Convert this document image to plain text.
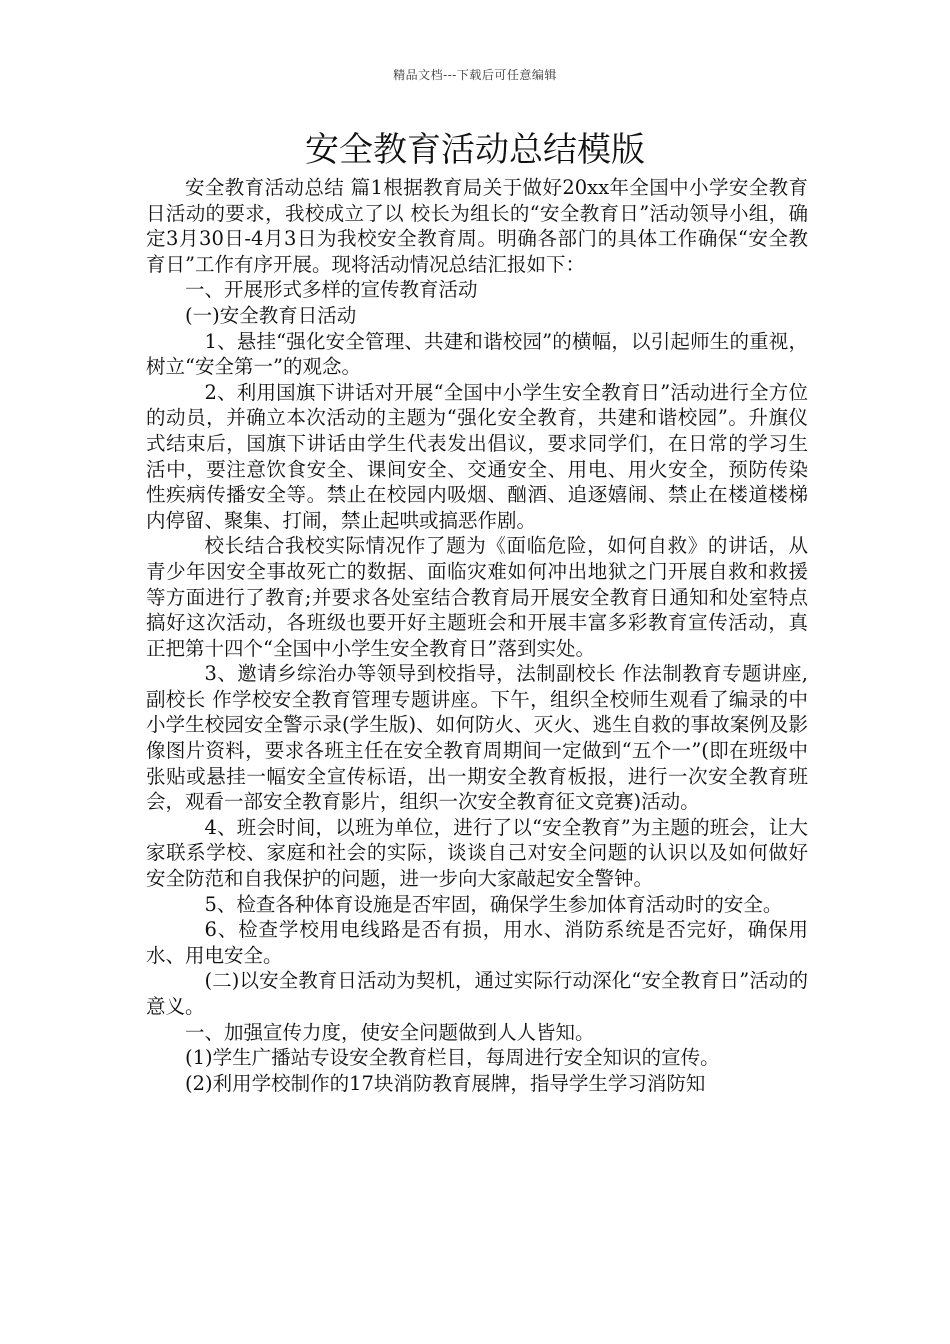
精品文档---下载后可任意编辑
安全教育活动总结模版

安全教育活动总结 篇1根据教育局关于做好20xx年全国中小学安全教育日活动的要求，我校成立了以 校长为组长的“安全教育日”活动领导小组，确定3月30日-4月3日为我校安全教育周。明确各部门的具体工作确保“安全教育日”工作有序开展。现将活动情况总结汇报如下：

一、开展形式多样的宣传教育活动

(一)安全教育日活动

1、悬挂“强化安全管理、共建和谐校园”的横幅，以引起师生的重视，树立“安全第一”的观念。

2、利用国旗下讲话对开展“全国中小学生安全教育日”活动进行全方位的动员，并确立本次活动的主题为“强化安全教育，共建和谐校园”。升旗仪式结束后，国旗下讲话由学生代表发出倡议，要求同学们，在日常的学习生活中，要注意饮食安全、课间安全、交通安全、用电、用火安全，预防传染性疾病传播安全等。禁止在校园内吸烟、酗酒、追逐嬉闹、禁止在楼道楼梯内停留、聚集、打闹，禁止起哄或搞恶作剧。

校长结合我校实际情况作了题为《面临危险，如何自救》的讲话，从青少年因安全事故死亡的数据、面临灾难如何冲出地狱之门开展自救和救援等方面进行了教育;并要求各处室结合教育局开展安全教育日通知和处室特点搞好这次活动，各班级也要开好主题班会和开展丰富多彩教育宣传活动，真正把第十四个“全国中小学生安全教育日”落到实处。

3、邀请乡综治办等领导到校指导，法制副校长 作法制教育专题讲座,副校长 作学校安全教育管理专题讲座。下午，组织全校师生观看了编录的中小学生校园安全警示录(学生版)、如何防火、灭火、逃生自救的事故案例及影像图片资料，要求各班主任在安全教育周期间一定做到“五个一”(即在班级中张贴或悬挂一幅安全宣传标语，出一期安全教育板报，进行一次安全教育班会，观看一部安全教育影片，组织一次安全教育征文竞赛)活动。

4、班会时间，以班为单位，进行了以“安全教育”为主题的班会，让大家联系学校、家庭和社会的实际，谈谈自己对安全问题的认识以及如何做好安全防范和自我保护的问题，进一步向大家敲起安全警钟。

5、检查各种体育设施是否牢固，确保学生参加体育活动时的安全。

6、检查学校用电线路是否有损，用水、消防系统是否完好，确保用水、用电安全。

(二)以安全教育日活动为契机，通过实际行动深化“安全教育日”活动的意义。

一、加强宣传力度，使安全问题做到人人皆知。

(1)学生广播站专设安全教育栏目，每周进行安全知识的宣传。

(2)利用学校制作的17块消防教育展牌，指导学生学习消防知
